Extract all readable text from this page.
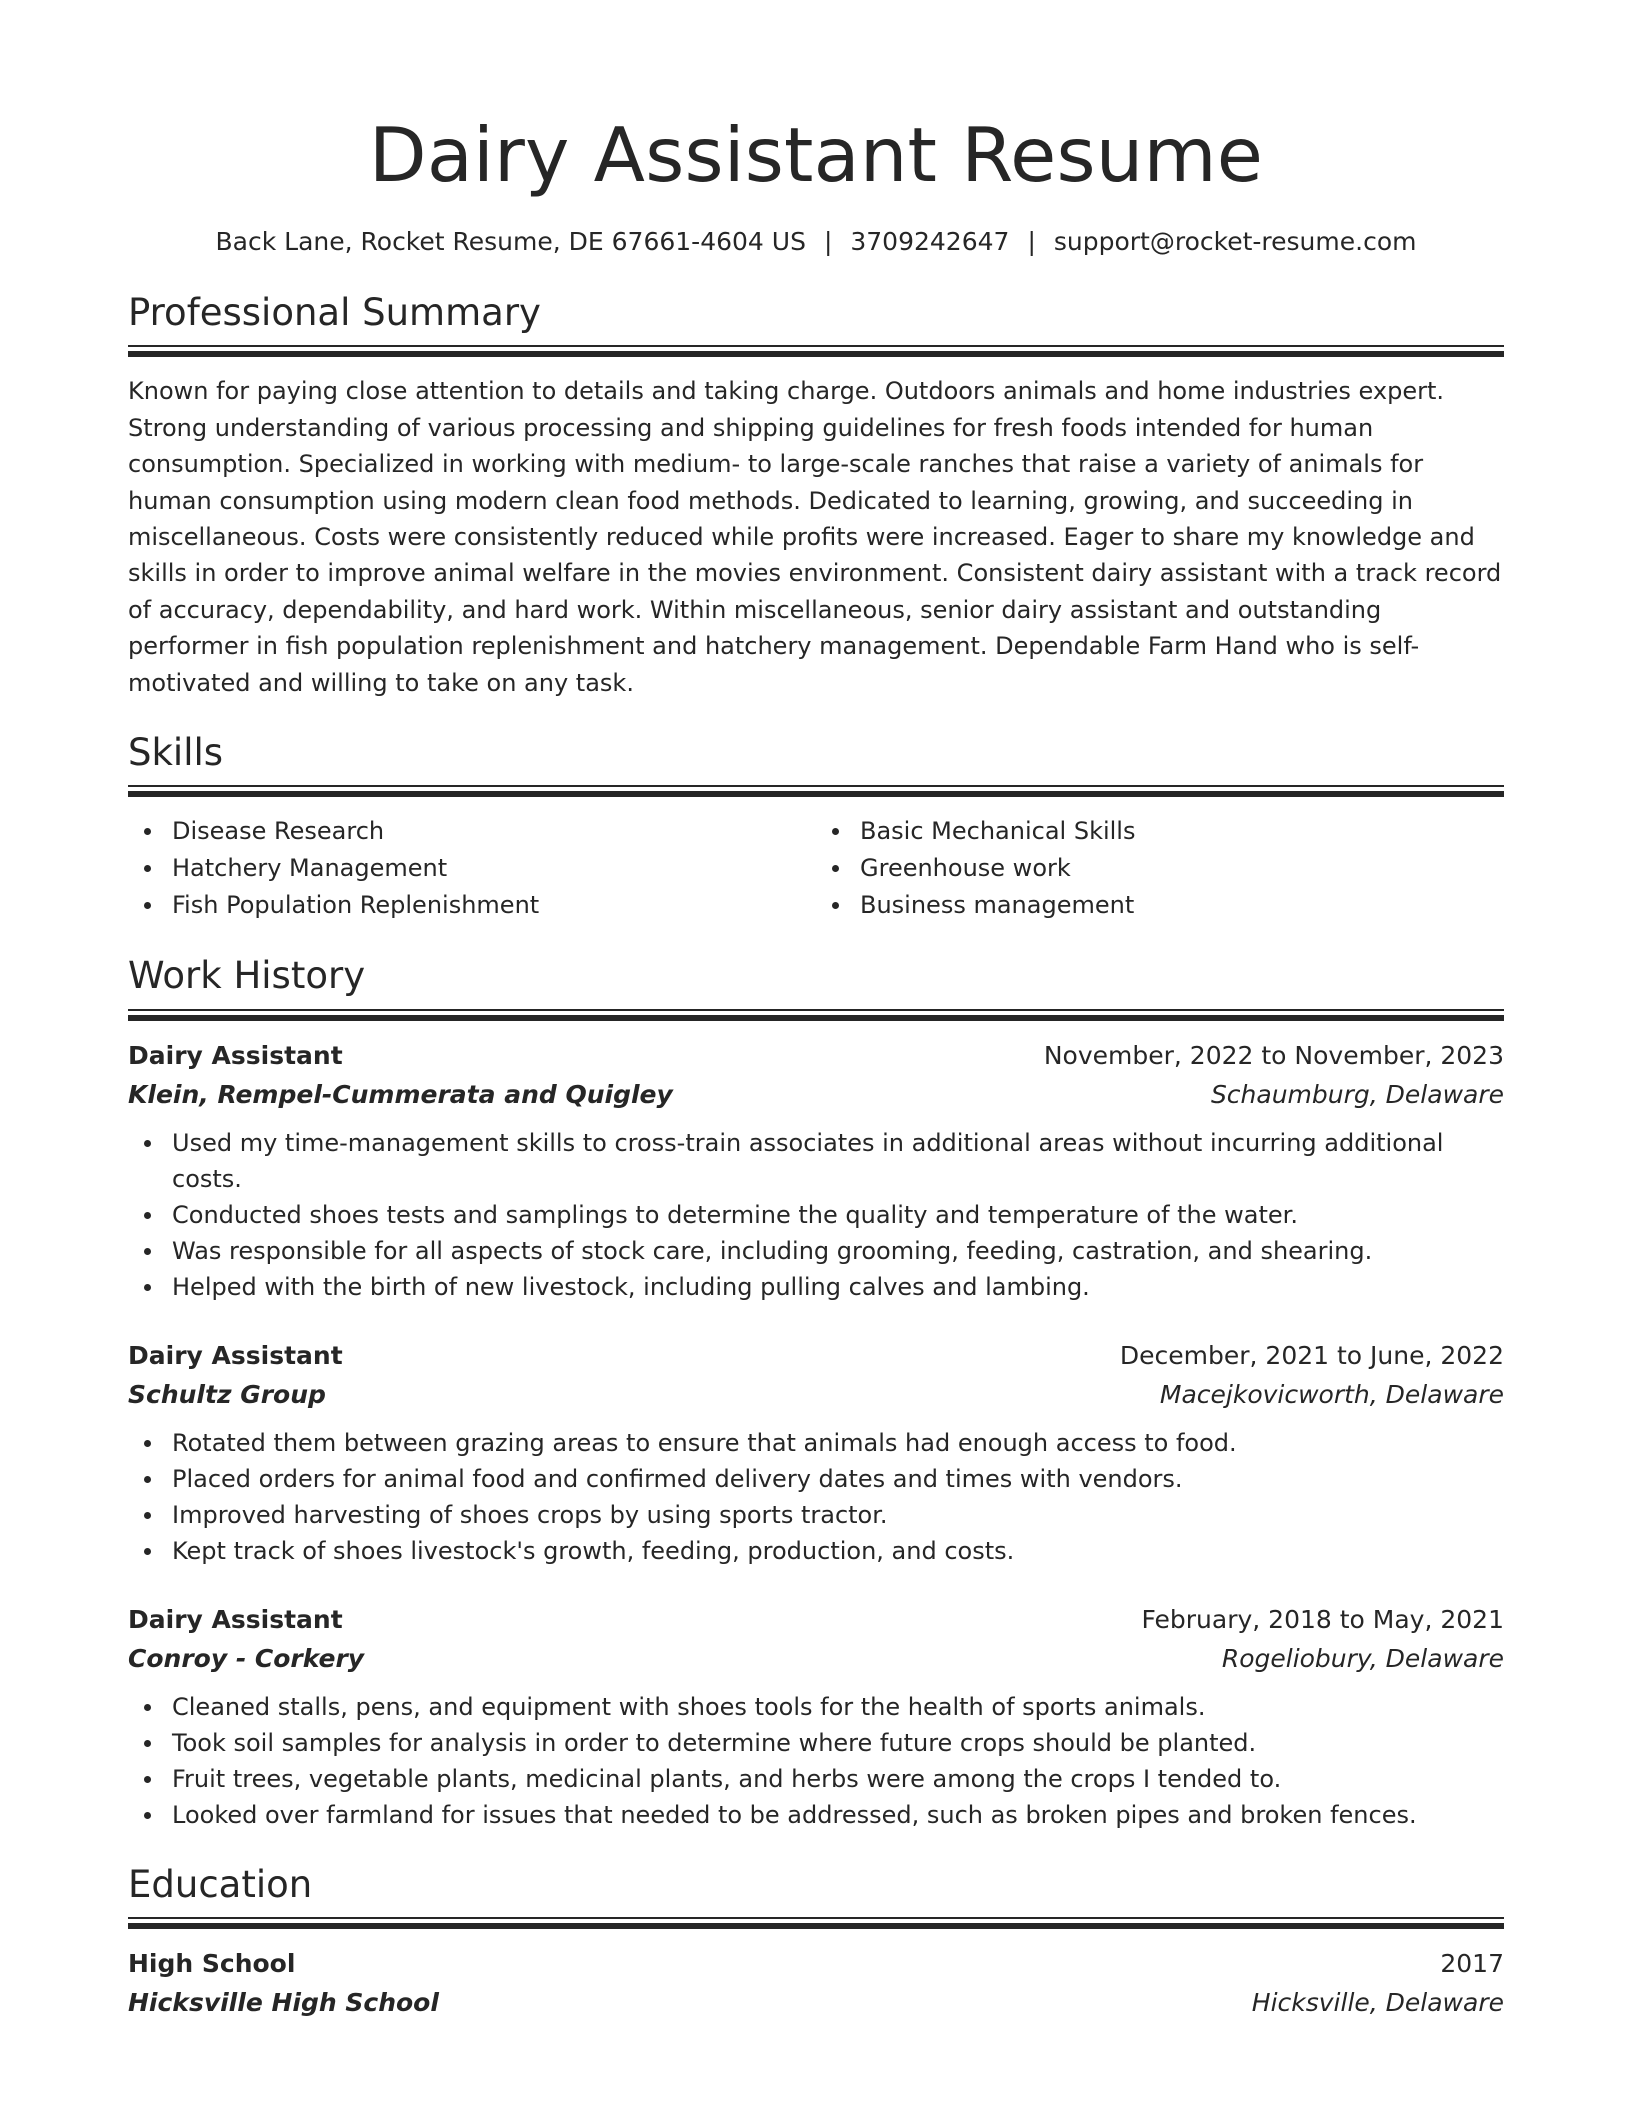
Dairy Assistant Resume
Back Lane, Rocket Resume, DE 67661-4604 US | 3709242647 | support@rocket-resume.com
Professional Summary

Known for paying close attention to details and taking charge. Outdoors animals and home industries expert. Strong understanding of various processing and shipping guidelines for fresh foods intended for human consumption. Specialized in working with medium- to large-scale ranches that raise a variety of animals for human consumption using modern clean food methods. Dedicated to learning, growing, and succeeding in miscellaneous. Costs were consistently reduced while profits were increased. Eager to share my knowledge and skills in order to improve animal welfare in the movies environment. Consistent dairy assistant with a track record of accuracy, dependability, and hard work. Within miscellaneous, senior dairy assistant and outstanding performer in fish population replenishment and hatchery management. Dependable Farm Hand who is self-motivated and willing to take on any task.

Skills
Disease Research	Basic Mechanical Skills
Hatchery Management	Greenhouse work
Fish Population Replenishment	Business management
Work History
Dairy Assistant	November, 2022 to November, 2023
Klein, Rempel-Cummerata and Quigley	Schaumburg, Delaware
Used my time-management skills to cross-train associates in additional areas without incurring additional costs.
Conducted shoes tests and samplings to determine the quality and temperature of the water.
Was responsible for all aspects of stock care, including grooming, feeding, castration, and shearing.
Helped with the birth of new livestock, including pulling calves and lambing.
Dairy Assistant	December, 2021 to June, 2022
Schultz Group	Macejkovicworth, Delaware
Rotated them between grazing areas to ensure that animals had enough access to food.
Placed orders for animal food and confirmed delivery dates and times with vendors.
Improved harvesting of shoes crops by using sports tractor.
Kept track of shoes livestock's growth, feeding, production, and costs.
Dairy Assistant	February, 2018 to May, 2021
Conroy - Corkery	Rogeliobury, Delaware
Cleaned stalls, pens, and equipment with shoes tools for the health of sports animals.
Took soil samples for analysis in order to determine where future crops should be planted.
Fruit trees, vegetable plants, medicinal plants, and herbs were among the crops I tended to.
Looked over farmland for issues that needed to be addressed, such as broken pipes and broken fences.
Education
High School	2017
Hicksville High School	Hicksville, Delaware
